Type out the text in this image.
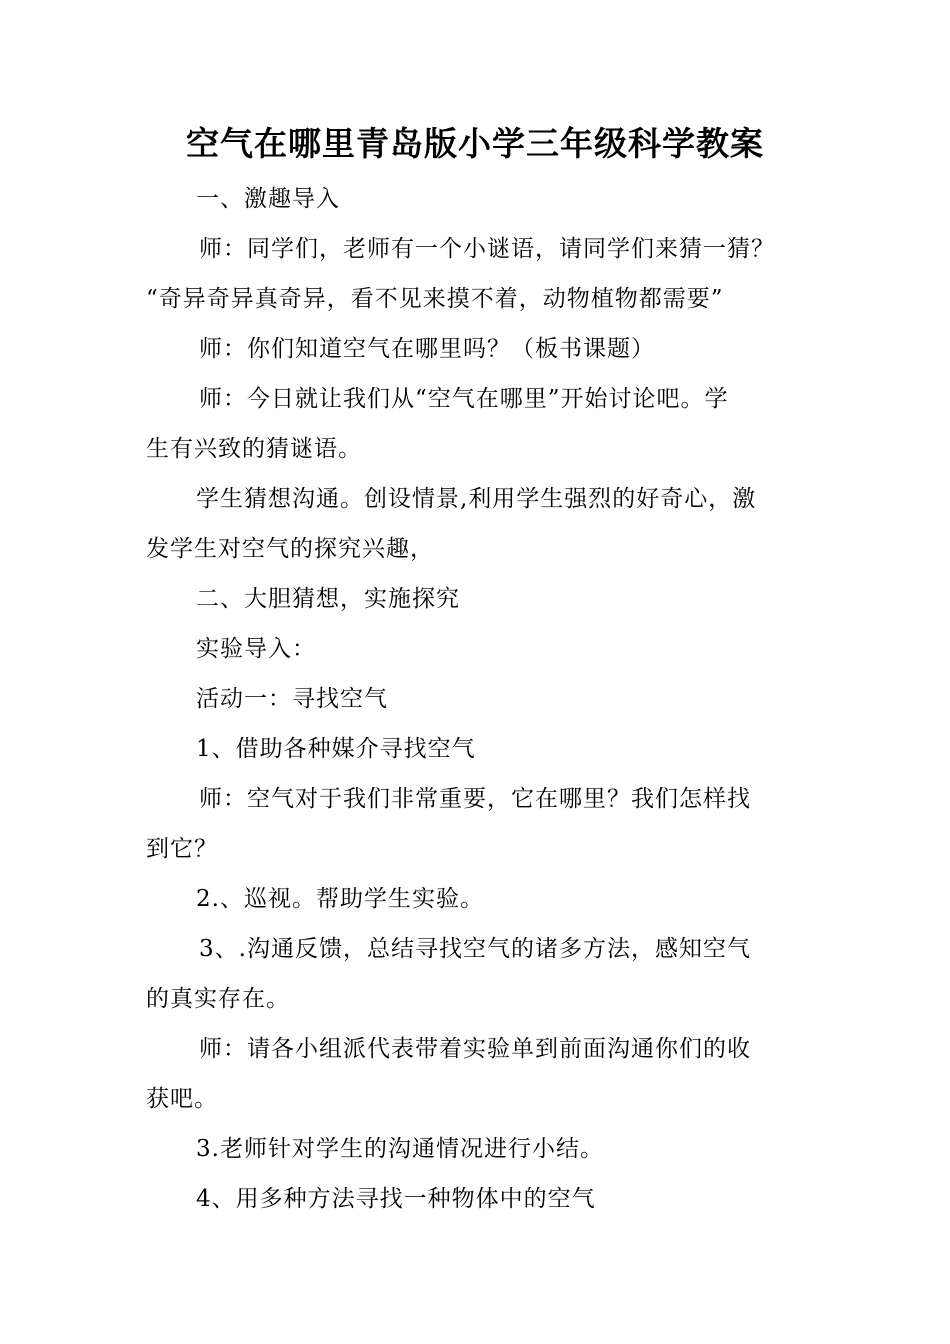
空气在哪里青岛版小学三年级科学教案
一、激趣导入
师：同学们，老师有一个小谜语，请同学们来猜一猜？
“奇异奇异真奇异，看不见来摸不着，动物植物都需要”
师：你们知道空气在哪里吗？（板书课题）
师：今日就让我们从“空气在哪里”开始讨论吧。学
生有兴致的猜谜语。
学生猜想沟通。创设情景,利用学生强烈的好奇心，激
发学生对空气的探究兴趣，
二、大胆猜想，实施探究
实验导入：
活动一：寻找空气
1、借助各种媒介寻找空气
师：空气对于我们非常重要，它在哪里？我们怎样找
到它？
2.、巡视。帮助学生实验。
3、.沟通反馈，总结寻找空气的诸多方法，感知空气
的真实存在。
师：请各小组派代表带着实验单到前面沟通你们的收
获吧。
3.老师针对学生的沟通情况进行小结。
4、用多种方法寻找一种物体中的空气
